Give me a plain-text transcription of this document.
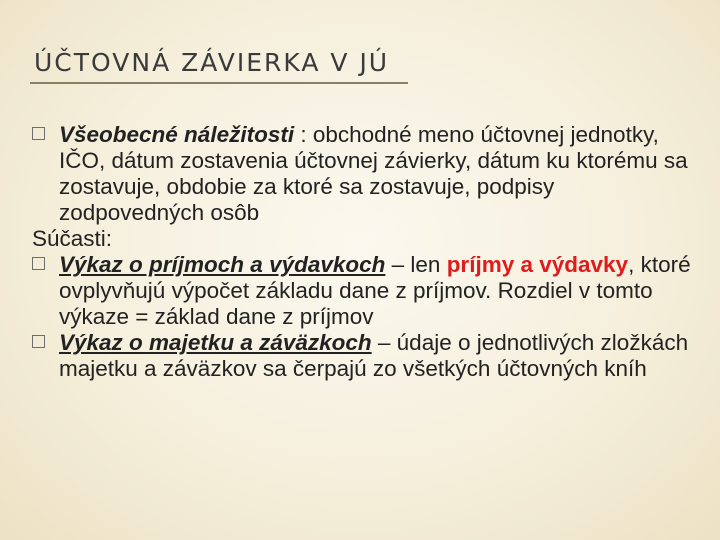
ÚČTOVNÁ ZÁVIERKA V JÚ

Všeobecné náležitosti : obchodné meno účtovnej jednotky, IČO, dátum zostavenia účtovnej závierky, dátum ku ktorému sa zostavuje, obdobie za ktoré sa zostavuje, podpisy zodpovedných osôb

Súčasti:

Výkaz o príjmoch a výdavkoch – len príjmy a výdavky, ktoré ovplyvňujú výpočet základu dane z príjmov. Rozdiel v tomto výkaze = základ dane z príjmov

Výkaz o majetku a záväzkoch – údaje o jednotlivých zložkách majetku a záväzkov sa čerpajú zo všetkých účtovných kníh
